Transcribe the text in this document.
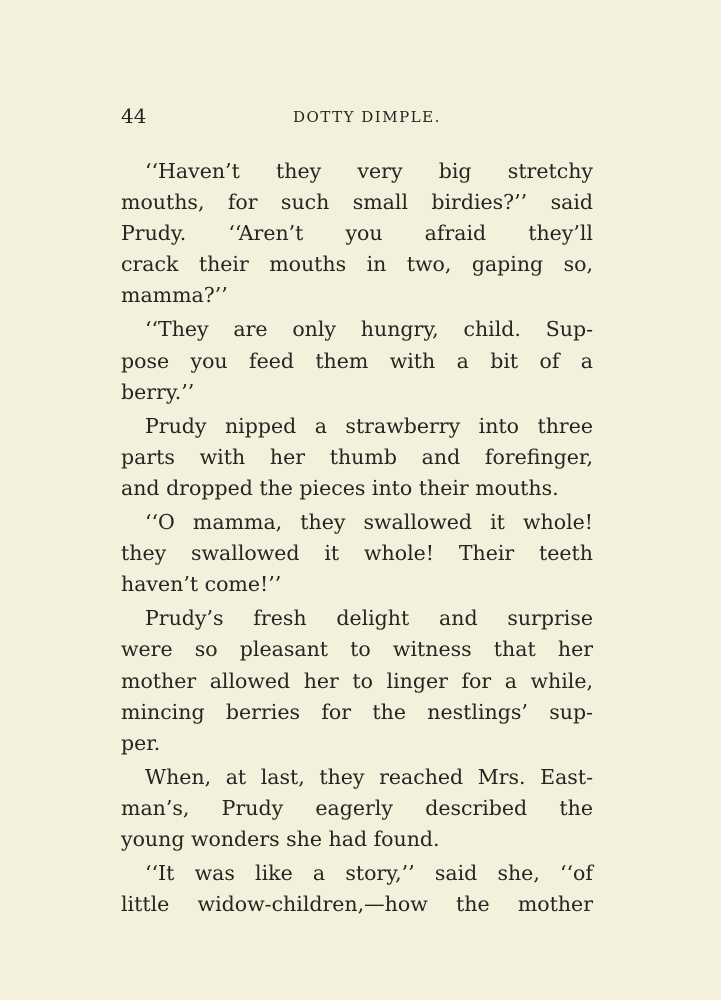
44	DOTTY DIMPLE.
‘‘Haven’t they very big stretchy
mouths, for such small birdies?’’ said
Prudy. ‘‘Aren’t you afraid they’ll
crack their mouths in two, gaping so,
mamma?’’
‘‘They are only hungry, child. Sup-
pose you feed them with a bit of a
berry.’’
Prudy nipped a strawberry into three
parts with her thumb and forefinger,
and dropped the pieces into their mouths.
‘‘O mamma, they swallowed it whole!
they swallowed it whole! Their teeth
haven’t come!’’
Prudy’s fresh delight and surprise
were so pleasant to witness that her
mother allowed her to linger for a while,
mincing berries for the nestlings’ sup-
per.
When, at last, they reached Mrs. East-
man’s, Prudy eagerly described the
young wonders she had found.
‘‘It was like a story,’’ said she, ‘‘of
little widow-children,—how the mother
